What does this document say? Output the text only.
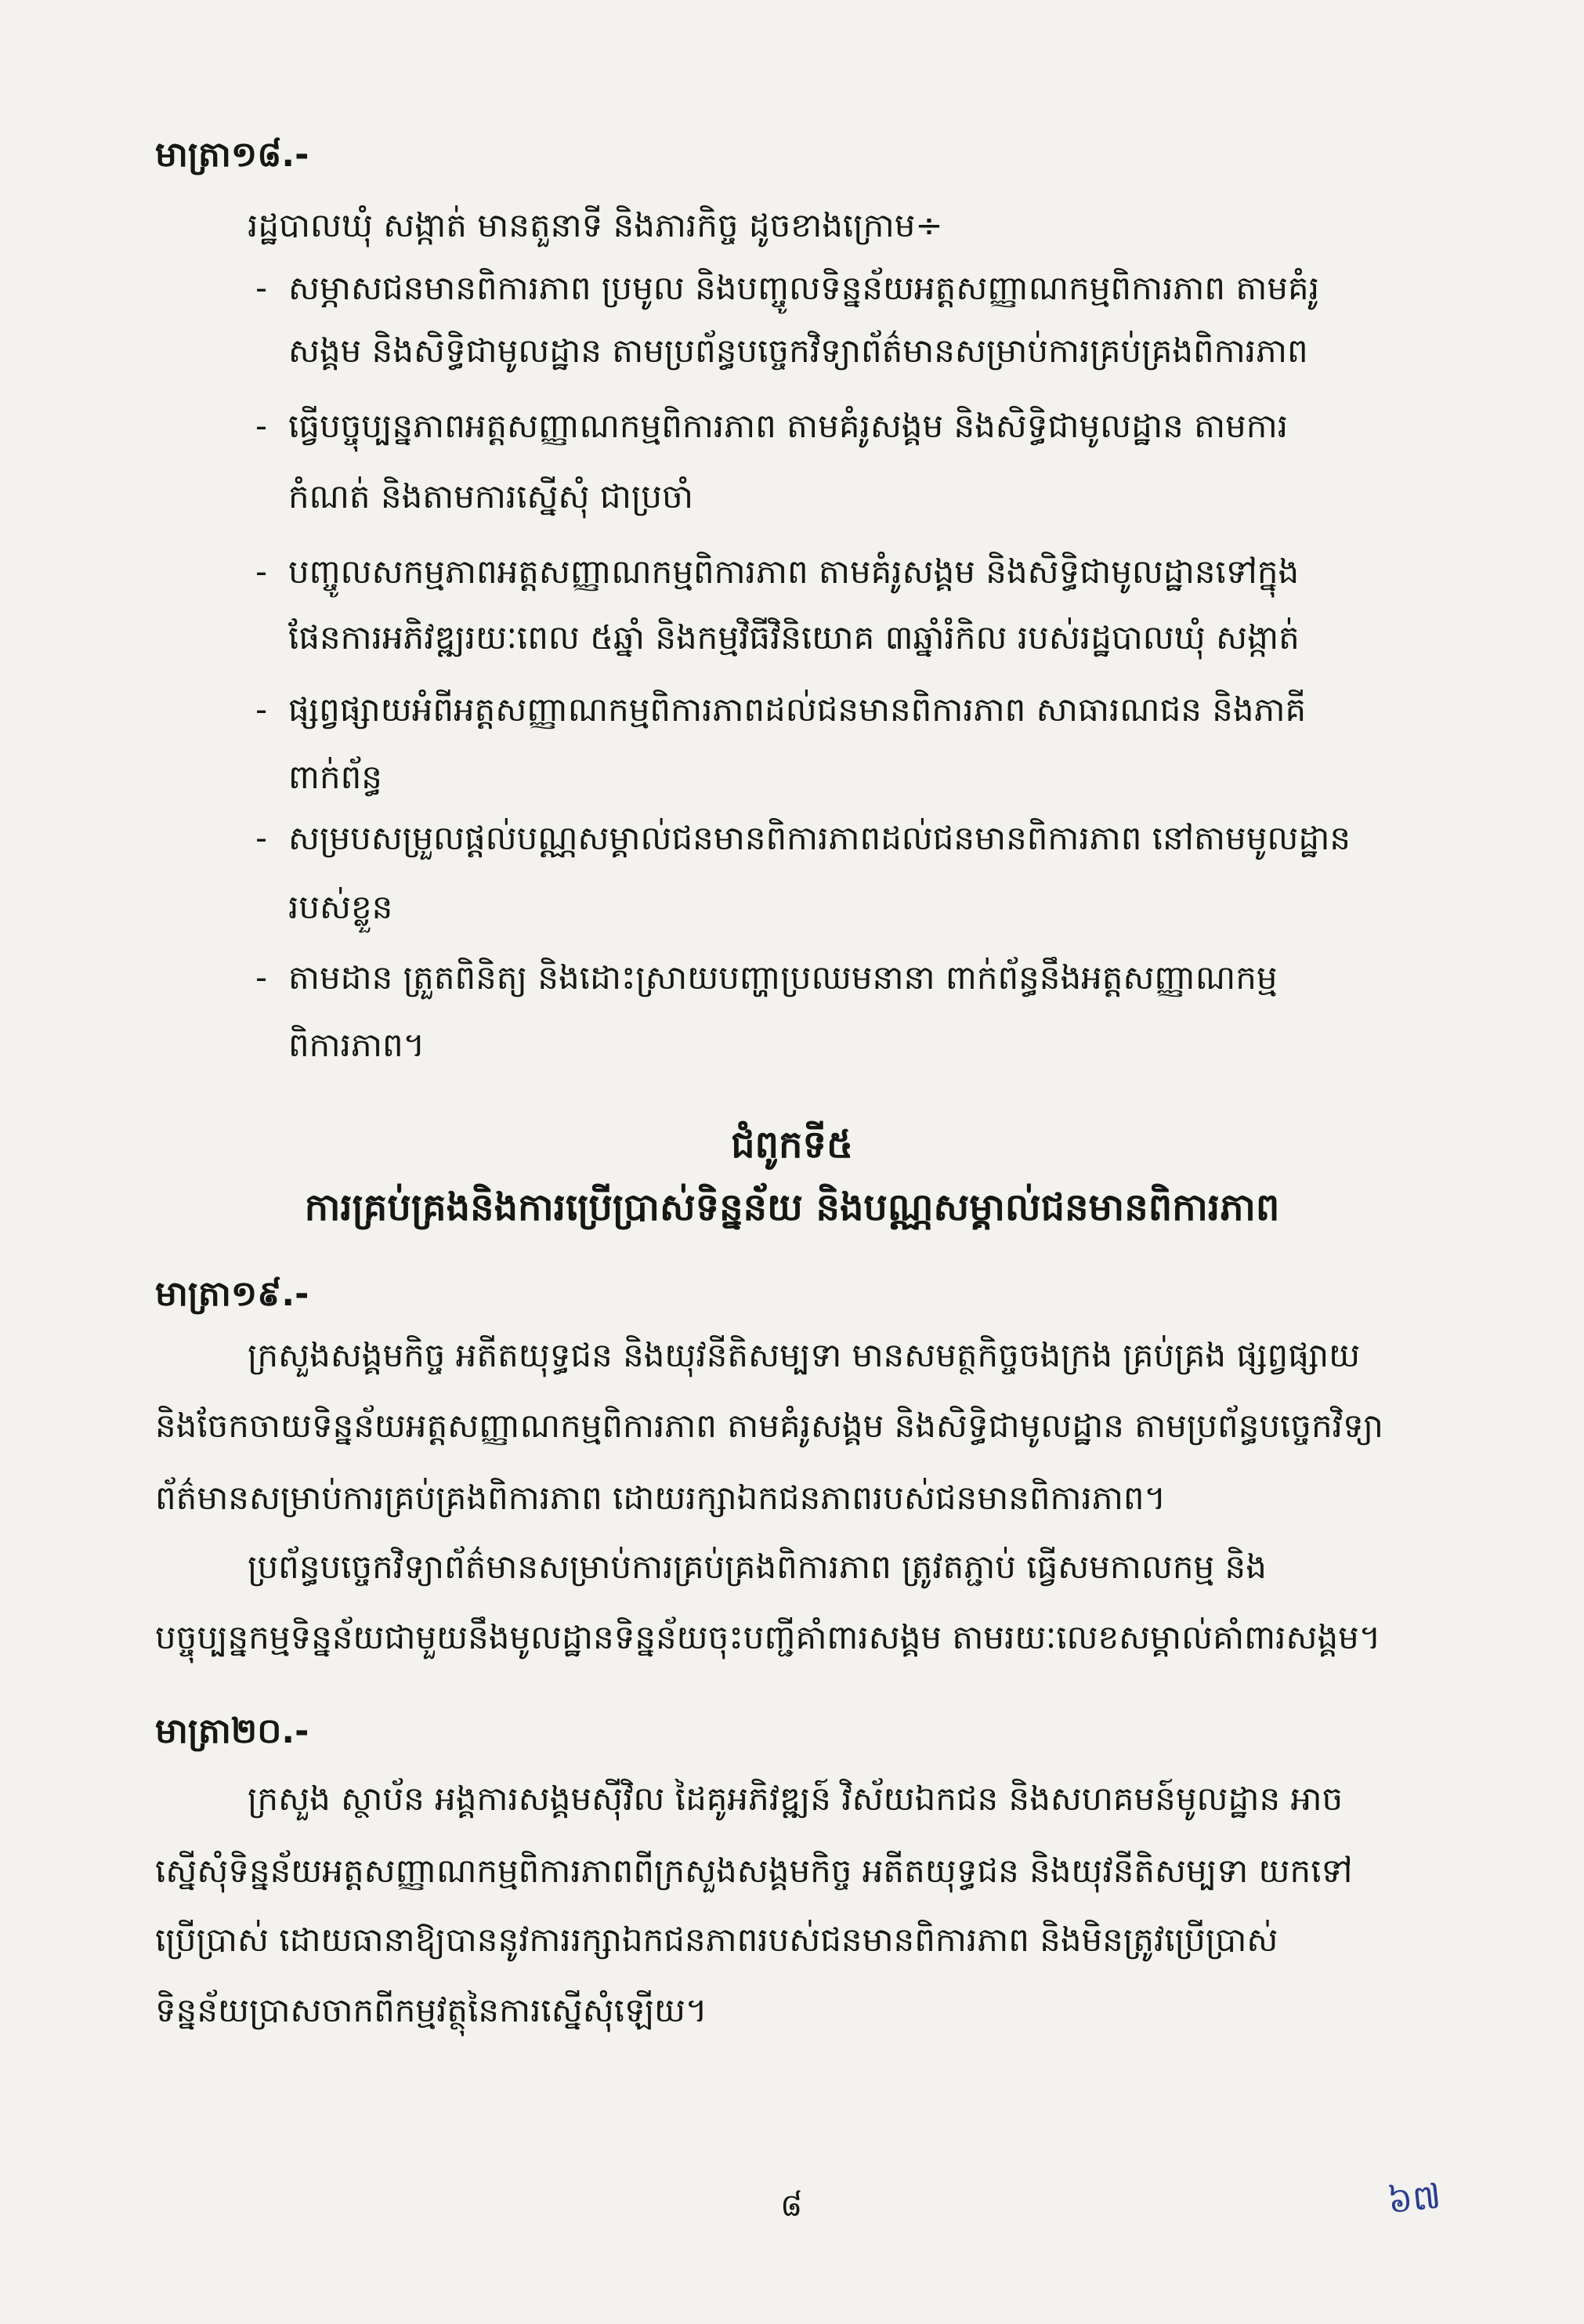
មាត្រា១៨.-
រដ្ឋបាលឃុំ សង្កាត់ មានតួនាទី និងភារកិច្ច ដូចខាងក្រោម÷
- សម្ភាសជនមានពិការភាព ប្រមូល និងបញ្ចូលទិន្នន័យអត្តសញ្ញាណកម្មពិការភាព តាមគំរូ
សង្គម និងសិទ្ធិជាមូលដ្ឋាន តាមប្រព័ន្ធបច្ចេកវិទ្យាព័ត៌មានសម្រាប់ការគ្រប់គ្រងពិការភាព
- ធ្វើបច្ចុប្បន្នភាពអត្តសញ្ញាណកម្មពិការភាព តាមគំរូសង្គម និងសិទ្ធិជាមូលដ្ឋាន តាមការ
កំណត់ និងតាមការស្នើសុំ ជាប្រចាំ
- បញ្ចូលសកម្មភាពអត្តសញ្ញាណកម្មពិការភាព តាមគំរូសង្គម និងសិទ្ធិជាមូលដ្ឋានទៅក្នុង
ផែនការអភិវឌ្ឍរយៈពេល ៥ឆ្នាំ និងកម្មវិធីវិនិយោគ ៣ឆ្នាំរំកិល របស់រដ្ឋបាលឃុំ សង្កាត់
- ផ្សព្វផ្សាយអំពីអត្តសញ្ញាណកម្មពិការភាពដល់ជនមានពិការភាព សាធារណជន និងភាគី
ពាក់ព័ន្ធ
- សម្របសម្រួលផ្តល់បណ្ណសម្គាល់ជនមានពិការភាពដល់ជនមានពិការភាព នៅតាមមូលដ្ឋាន
របស់ខ្លួន
- តាមដាន ត្រួតពិនិត្យ និងដោះស្រាយបញ្ហាប្រឈមនានា ពាក់ព័ន្ធនឹងអត្តសញ្ញាណកម្ម
ពិការភាព។
ជំពូកទី៥
ការគ្រប់គ្រងនិងការប្រើប្រាស់ទិន្នន័យ និងបណ្ណសម្គាល់ជនមានពិការភាព
មាត្រា១៩.-
ក្រសួងសង្គមកិច្ច អតីតយុទ្ធជន និងយុវនីតិសម្បទា មានសមត្ថកិច្ចចងក្រង គ្រប់គ្រង ផ្សព្វផ្សាយ
និងចែកចាយទិន្នន័យអត្តសញ្ញាណកម្មពិការភាព តាមគំរូសង្គម និងសិទ្ធិជាមូលដ្ឋាន តាមប្រព័ន្ធបច្ចេកវិទ្យា
ព័ត៌មានសម្រាប់ការគ្រប់គ្រងពិការភាព ដោយរក្សាឯកជនភាពរបស់ជនមានពិការភាព។
ប្រព័ន្ធបច្ចេកវិទ្យាព័ត៌មានសម្រាប់ការគ្រប់គ្រងពិការភាព ត្រូវតភ្ជាប់ ធ្វើសមកាលកម្ម និង
បច្ចុប្បន្នកម្មទិន្នន័យជាមួយនឹងមូលដ្ឋានទិន្នន័យចុះបញ្ជីគាំពារសង្គម តាមរយៈលេខសម្គាល់គាំពារសង្គម។
មាត្រា២០.-
ក្រសួង ស្ថាប័ន អង្គការសង្គមស៊ីវិល ដៃគូអភិវឌ្ឍន៍ វិស័យឯកជន និងសហគមន៍មូលដ្ឋាន អាច
ស្នើសុំទិន្នន័យអត្តសញ្ញាណកម្មពិការភាពពីក្រសួងសង្គមកិច្ច អតីតយុទ្ធជន និងយុវនីតិសម្បទា យកទៅ
ប្រើប្រាស់ ដោយធានាឱ្យបាននូវការរក្សាឯកជនភាពរបស់ជនមានពិការភាព និងមិនត្រូវប្រើប្រាស់
ទិន្នន័យប្រាសចាកពីកម្មវត្ថុនៃការស្នើសុំឡើយ។
៨	៦៧
